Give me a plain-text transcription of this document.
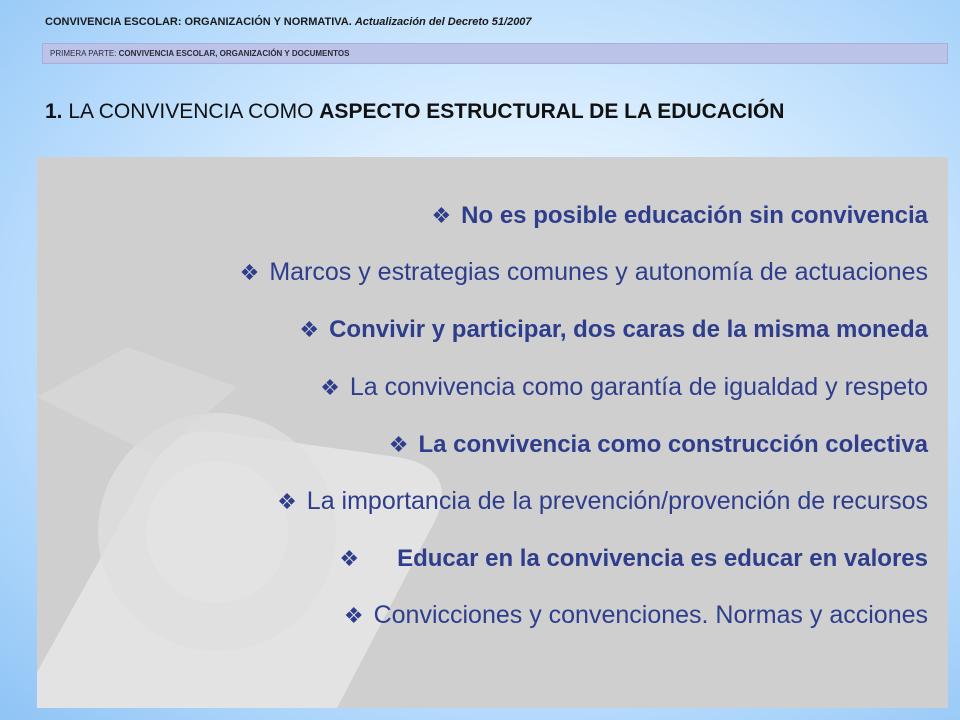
CONVIVENCIA ESCOLAR: ORGANIZACIÓN Y NORMATIVA. Actualización del Decreto 51/2007
PRIMERA PARTE:
CONVIVENCIA ESCOLAR, ORGANIZACIÓN Y DOCUMENTOS
1. LA CONVIVENCIA COMO ASPECTO ESTRUCTURAL DE LA EDUCACIÓN
❖ No es posible educación sin convivencia
❖ Marcos y estrategias comunes y autonomía de actuaciones
❖ Convivir y participar, dos caras de la misma moneda
❖ La convivencia como garantía de igualdad y respeto
❖ La convivencia como construcción colectiva
❖ La importancia de la prevención/provención de recursos
❖ Educar en la convivencia es educar en valores
❖ Convicciones y convenciones. Normas y acciones
